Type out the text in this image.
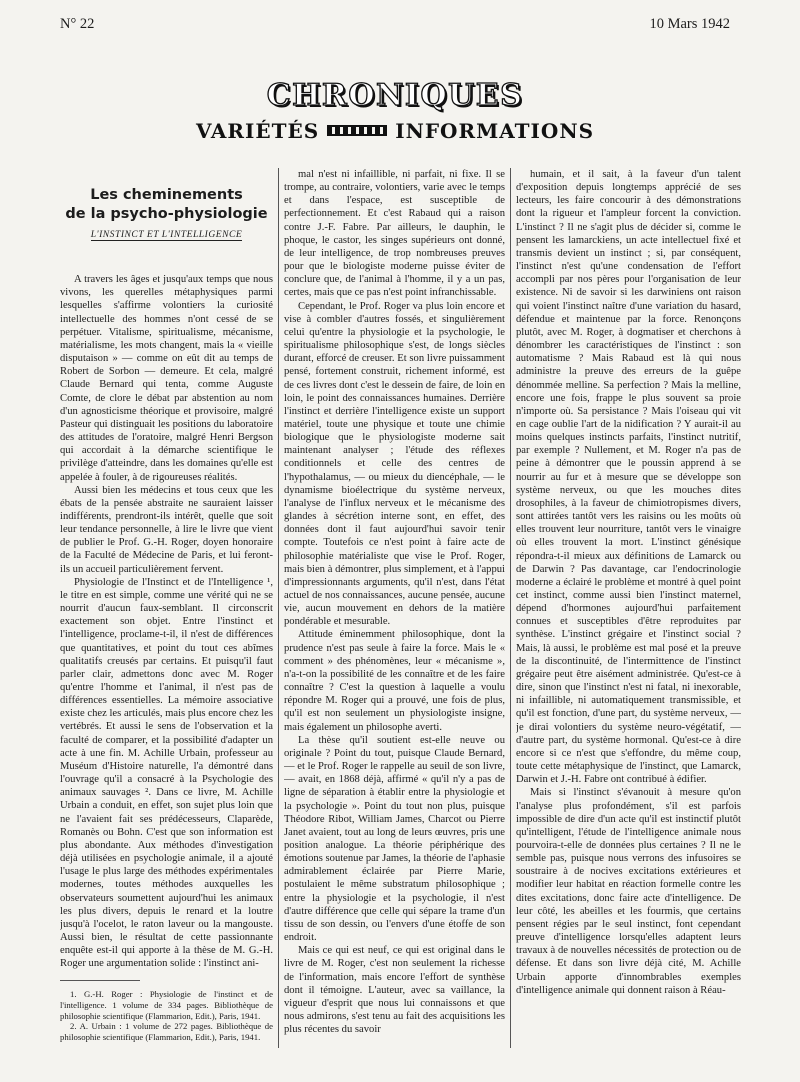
N° 22	10 Mars 1942
CHRONIQUES
VARIÉTÉS	INFORMATIONS
Les cheminements
de la psycho-physiologie
L'INSTINCT ET L'INTELLIGENCE

A travers les âges et jusqu'aux temps que nous vivons, les querelles métaphysiques parmi lesquelles s'affirme volontiers la curiosité intellectuelle des hommes n'ont cessé de se perpétuer. Vitalisme, spiritualisme, mécanisme, matérialisme, les mots changent, mais la « vieille disputaison » — comme on eût dit au temps de Robert de Sorbon — demeure. Et cela, malgré Claude Bernard qui tenta, comme Auguste Comte, de clore le débat par abstention au nom d'un agnosticisme théorique et provisoire, malgré Pasteur qui distinguait les positions du laboratoire des attitudes de l'oratoire, malgré Henri Bergson qui accordait à la démarche scientifique le privilège d'atteindre, dans les domaines qu'elle est appelée à fouler, à de rigoureuses réalités.

Aussi bien les médecins et tous ceux que les ébats de la pensée abstraite ne sauraient laisser indifférents, prendront-ils intérêt, quelle que soit leur tendance personnelle, à lire le livre que vient de publier le Prof. G.-H. Roger, doyen honoraire de la Faculté de Médecine de Paris, et lui feront-ils un accueil particulièrement fervent.

Physiologie de l'Instinct et de l'Intelligence ¹, le titre en est simple, comme une vérité qui ne se nourrit d'aucun faux-semblant. Il circonscrit exactement son objet. Entre l'instinct et l'intelligence, proclame-t-il, il n'est de différences que quantitatives, et point du tout ces abîmes qualitatifs creusés par certains. Et puisqu'il faut parler clair, admettons donc avec M. Roger qu'entre l'homme et l'animal, il n'est pas de différences essentielles. La mémoire associative existe chez les articulés, mais plus encore chez les vertébrés. Et aussi le sens de l'observation et la faculté de comparer, et la possibilité d'adapter un acte à une fin. M. Achille Urbain, professeur au Muséum d'Histoire naturelle, l'a démontré dans l'ouvrage qu'il a consacré à la Psychologie des animaux sauvages ². Dans ce livre, M. Achille Urbain a conduit, en effet, son sujet plus loin que ne l'avaient fait ses prédécesseurs, Claparède, Romanès ou Bohn. C'est que son information est plus abondante. Aux méthodes d'investigation déjà utilisées en psychologie animale, il a ajouté l'usage le plus large des méthodes expérimentales modernes, toutes méthodes auxquelles les observateurs soumettent aujourd'hui les animaux les plus divers, depuis le renard et la loutre jusqu'à l'ocelot, le raton laveur ou la mangouste. Aussi bien, le résultat de cette passionnante enquête est-il qui apporte à la thèse de M. G.-H. Roger une argumentation solide : l'instinct ani-

1. G.-H. Roger : Physiologie de l'instinct et de l'intelligence. 1 volume de 334 pages. Bibliothèque de philosophie scientifique (Flammarion, Edit.), Paris, 1941.

2. A. Urbain : 1 volume de 272 pages. Bibliothèque de philosophie scientifique (Flammarion, Edit.), Paris, 1941.

mal n'est ni infaillible, ni parfait, ni fixe. Il se trompe, au contraire, volontiers, varie avec le temps et dans l'espace, est susceptible de perfectionnement. Et c'est Rabaud qui a raison contre J.-F. Fabre. Par ailleurs, le dauphin, le phoque, le castor, les singes supérieurs ont donné, de leur intelligence, de trop nombreuses preuves pour que le biologiste moderne puisse éviter de conclure que, de l'animal à l'homme, il y a un pas, certes, mais que ce pas n'est point infranchissable.

Cependant, le Prof. Roger va plus loin encore et vise à combler d'autres fossés, et singulièrement celui qu'entre la physiologie et la psychologie, le spiritualisme philosophique s'est, de longs siècles durant, efforcé de creuser. Et son livre puissamment pensé, fortement construit, richement informé, est de ces livres dont c'est le dessein de faire, de loin en loin, le point des connaissances humaines. Derrière l'instinct et derrière l'intelligence existe un support matériel, toute une physique et toute une chimie biologique que le physiologiste moderne sait maintenant analyser ; l'étude des réflexes conditionnels et celle des centres de l'hypothalamus, — ou mieux du diencéphale, — le dynamisme bioélectrique du système nerveux, l'analyse de l'influx nerveux et le mécanisme des glandes à sécrétion interne sont, en effet, des données dont il faut aujourd'hui savoir tenir compte. Toutefois ce n'est point à faire acte de philosophie matérialiste que vise le Prof. Roger, mais bien à démontrer, plus simplement, et à l'appui d'impressionnants arguments, qu'il n'est, dans l'état actuel de nos connaissances, aucune pensée, aucune vie, aucun mouvement en dehors de la matière pondérable et mesurable.

Attitude éminemment philosophique, dont la prudence n'est pas seule à faire la force. Mais le « comment » des phénomènes, leur « mécanisme », n'a-t-on la possibilité de les connaître et de les faire connaître ? C'est la question à laquelle a voulu répondre M. Roger qui a prouvé, une fois de plus, qu'il est non seulement un physiologiste insigne, mais également un philosophe averti.

La thèse qu'il soutient est-elle neuve ou originale ? Point du tout, puisque Claude Bernard, — et le Prof. Roger le rappelle au seuil de son livre, — avait, en 1868 déjà, affirmé « qu'il n'y a pas de ligne de séparation à établir entre la physiologie et la psychologie ». Point du tout non plus, puisque Théodore Ribot, William James, Charcot ou Pierre Janet avaient, tout au long de leurs œuvres, pris une position analogue. La théorie périphérique des émotions soutenue par James, la théorie de l'aphasie admirablement éclairée par Pierre Marie, postulaient le même substratum philosophique ; entre la physiologie et la psychologie, il n'est d'autre différence que celle qui sépare la trame d'un tissu de son dessin, ou l'envers d'une étoffe de son endroit.

Mais ce qui est neuf, ce qui est original dans le livre de M. Roger, c'est non seulement la richesse de l'information, mais encore l'effort de synthèse dont il témoigne. L'auteur, avec sa vaillance, la vigueur d'esprit que nous lui connaissons et que nous admirons, s'est tenu au fait des acquisitions les plus récentes du savoir

humain, et il sait, à la faveur d'un talent d'exposition depuis longtemps apprécié de ses lecteurs, les faire concourir à des démonstrations dont la rigueur et l'ampleur forcent la conviction. L'instinct ? Il ne s'agit plus de décider si, comme le pensent les lamarckiens, un acte intellectuel fixé et transmis devient un instinct ; si, par conséquent, l'instinct n'est qu'une condensation de l'effort accompli par nos pères pour l'organisation de leur existence. Ni de savoir si les darwiniens ont raison qui voient l'instinct naître d'une variation du hasard, défendue et maintenue par la force. Renonçons plutôt, avec M. Roger, à dogmatiser et cherchons à dénombrer les caractéristiques de l'instinct : son automatisme ? Mais Rabaud est là qui nous administre la preuve des erreurs de la guêpe dénommée melline. Sa perfection ? Mais la melline, encore une fois, frappe le plus souvent sa proie n'importe où. Sa persistance ? Mais l'oiseau qui vit en cage oublie l'art de la nidification ? Y aurait-il au moins quelques instincts parfaits, l'instinct nutritif, par exemple ? Nullement, et M. Roger n'a pas de peine à démontrer que le poussin apprend à se nourrir au fur et à mesure que se développe son système nerveux, ou que les mouches dites drosophiles, à la faveur de chimiotropismes divers, sont attirées tantôt vers les raisins ou les moûts où elles trouvent leur nourriture, tantôt vers le vinaigre où elles trouvent la mort. L'instinct génésique répondra-t-il mieux aux définitions de Lamarck ou de Darwin ? Pas davantage, car l'endocrinologie moderne a éclairé le problème et montré à quel point cet instinct, comme aussi bien l'instinct maternel, dépend d'hormones aujourd'hui parfaitement connues et susceptibles d'être reproduites par synthèse. L'instinct grégaire et l'instinct social ? Mais, là aussi, le problème est mal posé et la preuve de la discontinuité, de l'intermittence de l'instinct grégaire peut être aisément administrée. Qu'est-ce à dire, sinon que l'instinct n'est ni fatal, ni inexorable, ni infaillible, ni automatiquement transmissible, et qu'il est fonction, d'une part, du système nerveux, — je dirai volontiers du système neuro-végétatif, — d'autre part, du système hormonal. Qu'est-ce à dire encore si ce n'est que s'effondre, du même coup, toute cette métaphysique de l'instinct, que Lamarck, Darwin et J.-H. Fabre ont contribué à édifier.

Mais si l'instinct s'évanouit à mesure qu'on l'analyse plus profondément, s'il est parfois impossible de dire d'un acte qu'il est instinctif plutôt qu'intelligent, l'étude de l'intelligence animale nous pourvoira-t-elle de données plus certaines ? Il ne le semble pas, puisque nous verrons des infusoires se soustraire à de nocives excitations extérieures et modifier leur habitat en réaction formelle contre les dites excitations, donc faire acte d'intelligence. De leur côté, les abeilles et les fourmis, que certains pensent régies par le seul instinct, font cependant preuve d'intelligence lorsqu'elles adaptent leurs travaux à de nouvelles nécessités de protection ou de défense. Et dans son livre déjà cité, M. Achille Urbain apporte d'innombrables exemples d'intelligence animale qui donnent raison à Réau-
